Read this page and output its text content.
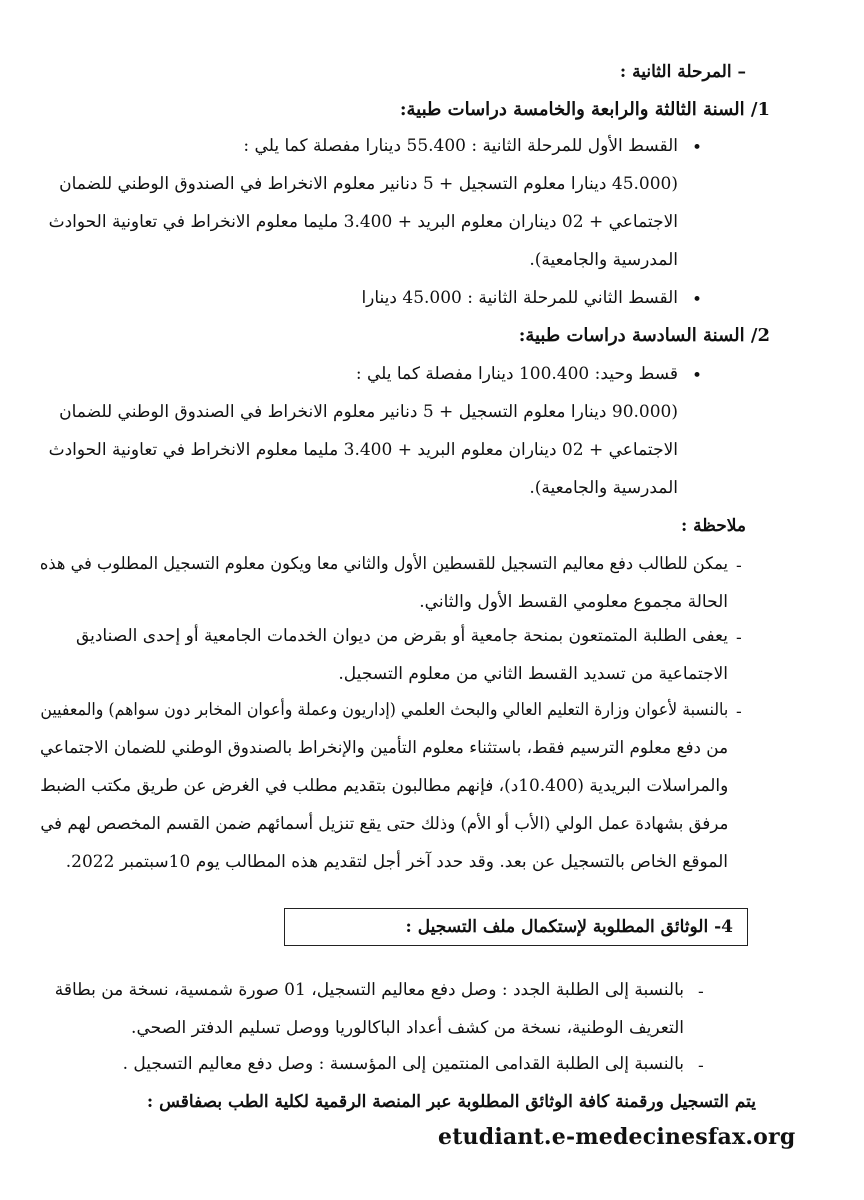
– المرحلة الثانية :
1/ السنة الثالثة والرابعة والخامسة دراسات طبية:
•
القسط الأول للمرحلة الثانية : 55.400 دينارا مفصلة كما يلي :
(45.000 دينارا معلوم التسجيل + 5 دنانير معلوم الانخراط في الصندوق الوطني للضمان
الاجتماعي + 02 ديناران معلوم البريد + 3.400 مليما معلوم الانخراط في تعاونية الحوادث
المدرسية والجامعية).
•
القسط الثاني للمرحلة الثانية : 45.000 دينارا
2/ السنة السادسة دراسات طبية:
•
قسط وحيد: 100.400 دينارا مفصلة كما يلي :
(90.000 دينارا معلوم التسجيل + 5 دنانير معلوم الانخراط في الصندوق الوطني للضمان
الاجتماعي + 02 ديناران معلوم البريد + 3.400 مليما معلوم الانخراط في تعاونية الحوادث
المدرسية والجامعية).
ملاحظة :
-
يمكن للطالب دفع معاليم التسجيل للقسطين الأول والثاني معا ويكون معلوم التسجيل المطلوب في هذه
الحالة مجموع معلومي القسط الأول والثاني.
-
يعفى الطلبة المتمتعون بمنحة جامعية أو بقرض من ديوان الخدمات الجامعية أو إحدى الصناديق
الاجتماعية من تسديد القسط الثاني من معلوم التسجيل.
-
بالنسبة لأعوان وزارة التعليم العالي والبحث العلمي (إداريون وعملة وأعوان المخابر دون سواهم) والمعفيين
من دفع معلوم الترسيم فقط، باستثناء معلوم التأمين والإنخراط بالصندوق الوطني للضمان الاجتماعي
والمراسلات البريدية (10.400د)، فإنهم مطالبون بتقديم مطلب في الغرض عن طريق مكتب الضبط
مرفق بشهادة عمل الولي (الأب أو الأم) وذلك حتى يقع تنزيل أسمائهم ضمن القسم المخصص لهم في
الموقع الخاص بالتسجيل عن بعد. وقد حدد آخر أجل لتقديم هذه المطالب يوم 10سبتمبر 2022.
4- الوثائق المطلوبة لإستكمال ملف التسجيل :
-
بالنسبة إلى الطلبة الجدد : وصل دفع معاليم التسجيل، 01 صورة شمسية، نسخة من بطاقة
التعريف الوطنية، نسخة من كشف أعداد الباكالوريا ووصل تسليم الدفتر الصحي.
-
بالنسبة إلى الطلبة القدامى المنتمين إلى المؤسسة : وصل دفع معاليم التسجيل .
يتم التسجيل ورقمنة كافة الوثائق المطلوبة عبر المنصة الرقمية لكلية الطب بصفاقس :
etudiant.e-medecinesfax.org
